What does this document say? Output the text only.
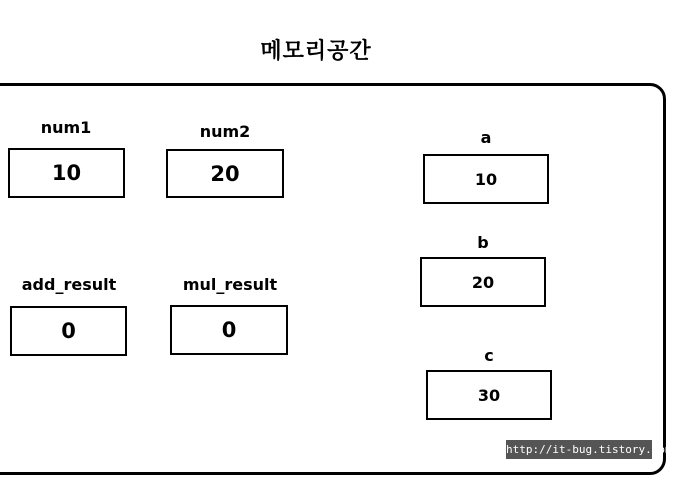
메모리공간
num1
10
num2
20
add_result
0
mul_result
0
a
10
b
20
c
30
http://it-bug.tistory.com
